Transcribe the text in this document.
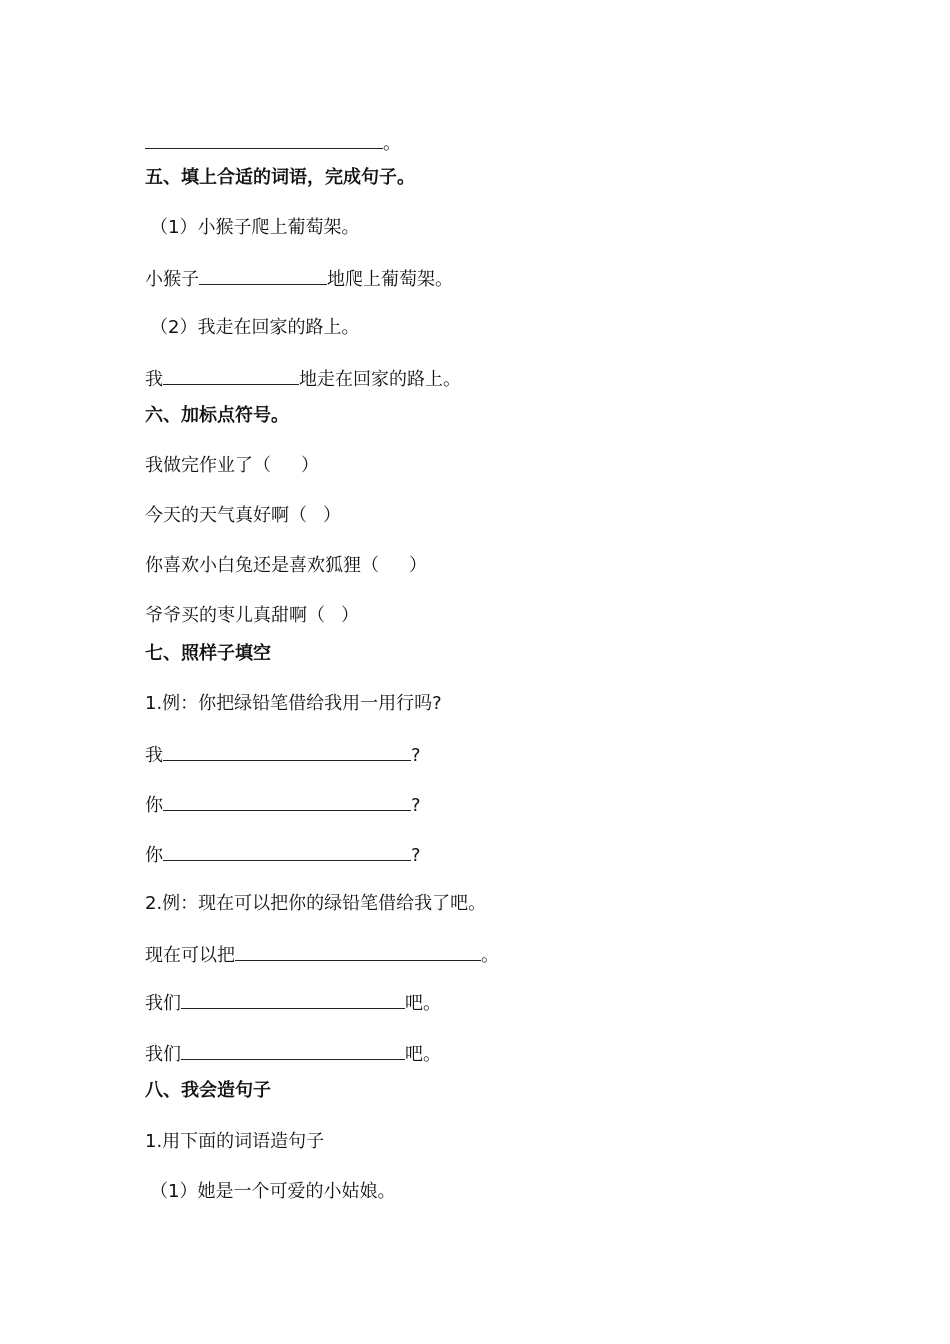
。
五、填上合适的词语，完成句子。
（1）小猴子爬上葡萄架。
小猴子	地爬上葡萄架。
（2）我走在回家的路上。
我	地走在回家的路上。
六、加标点符号。
我做完作业了（ ）
今天的天气真好啊（ ）
你喜欢小白兔还是喜欢狐狸（ ）
爷爷买的枣儿真甜啊（ ）
七、照样子填空
1.例：你把绿铅笔借给我用一用行吗?
我	?
你	?
你	?
2.例：现在可以把你的绿铅笔借给我了吧。
现在可以把	。
我们	吧。
我们	吧。
八、我会造句子
1.用下面的词语造句子
（1）她是一个可爱的小姑娘。
